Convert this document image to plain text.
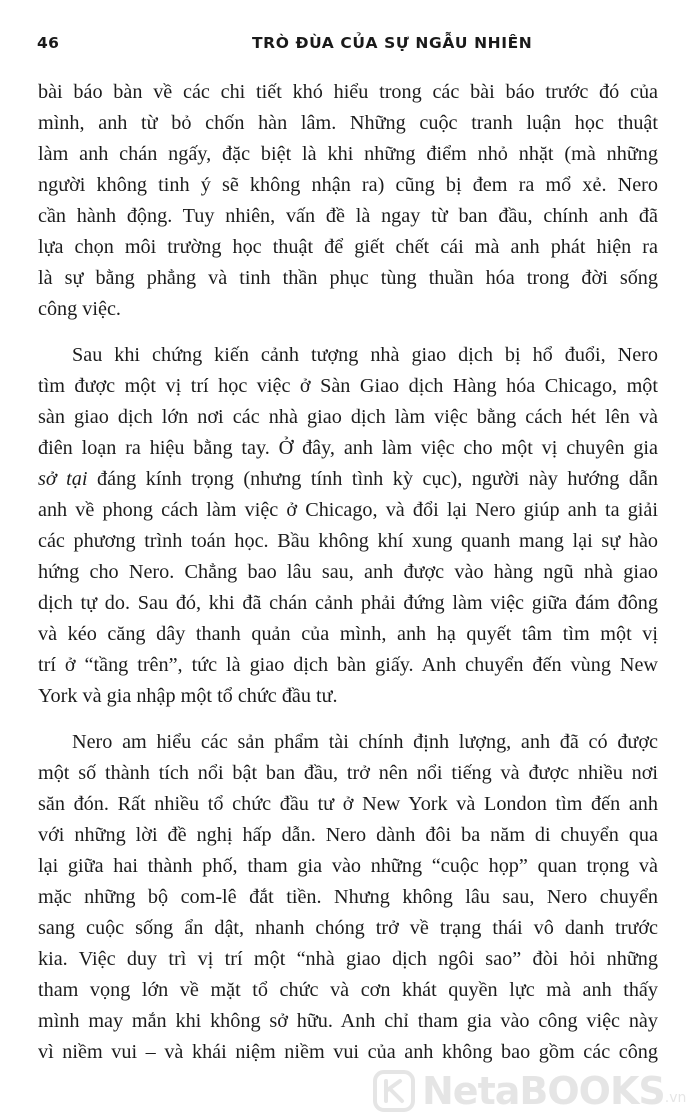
46	TRÒ ĐÙA CỦA SỰ NGẪU NHIÊN
bài báo bàn về các chi tiết khó hiểu trong các bài báo trước đó của
mình, anh từ bỏ chốn hàn lâm. Những cuộc tranh luận học thuật
làm anh chán ngấy, đặc biệt là khi những điểm nhỏ nhặt (mà những
người không tinh ý sẽ không nhận ra) cũng bị đem ra mổ xẻ. Nero
cần hành động. Tuy nhiên, vấn đề là ngay từ ban đầu, chính anh đã
lựa chọn môi trường học thuật để giết chết cái mà anh phát hiện ra
là sự bằng phẳng và tinh thần phục tùng thuần hóa trong đời sống
công việc.
Sau khi chứng kiến cảnh tượng nhà giao dịch bị hổ đuổi, Nero
tìm được một vị trí học việc ở Sàn Giao dịch Hàng hóa Chicago, một
sàn giao dịch lớn nơi các nhà giao dịch làm việc bằng cách hét lên và
điên loạn ra hiệu bằng tay. Ở đây, anh làm việc cho một vị chuyên gia
sở tại đáng kính trọng (nhưng tính tình kỳ cục), người này hướng dẫn
anh về phong cách làm việc ở Chicago, và đổi lại Nero giúp anh ta giải
các phương trình toán học. Bầu không khí xung quanh mang lại sự hào
hứng cho Nero. Chẳng bao lâu sau, anh được vào hàng ngũ nhà giao
dịch tự do. Sau đó, khi đã chán cảnh phải đứng làm việc giữa đám đông
và kéo căng dây thanh quản của mình, anh hạ quyết tâm tìm một vị
trí ở “tầng trên”, tức là giao dịch bàn giấy. Anh chuyển đến vùng New
York và gia nhập một tổ chức đầu tư.
Nero am hiểu các sản phẩm tài chính định lượng, anh đã có được
một số thành tích nổi bật ban đầu, trở nên nổi tiếng và được nhiều nơi
săn đón. Rất nhiều tổ chức đầu tư ở New York và London tìm đến anh
với những lời đề nghị hấp dẫn. Nero dành đôi ba năm di chuyển qua
lại giữa hai thành phố, tham gia vào những “cuộc họp” quan trọng và
mặc những bộ com-lê đắt tiền. Nhưng không lâu sau, Nero chuyển
sang cuộc sống ẩn dật, nhanh chóng trở về trạng thái vô danh trước
kia. Việc duy trì vị trí một “nhà giao dịch ngôi sao” đòi hỏi những
tham vọng lớn về mặt tổ chức và cơn khát quyền lực mà anh thấy
mình may mắn khi không sở hữu. Anh chỉ tham gia vào công việc này
vì niềm vui – và khái niệm niềm vui của anh không bao gồm các công
NetaBOOKS .vn
